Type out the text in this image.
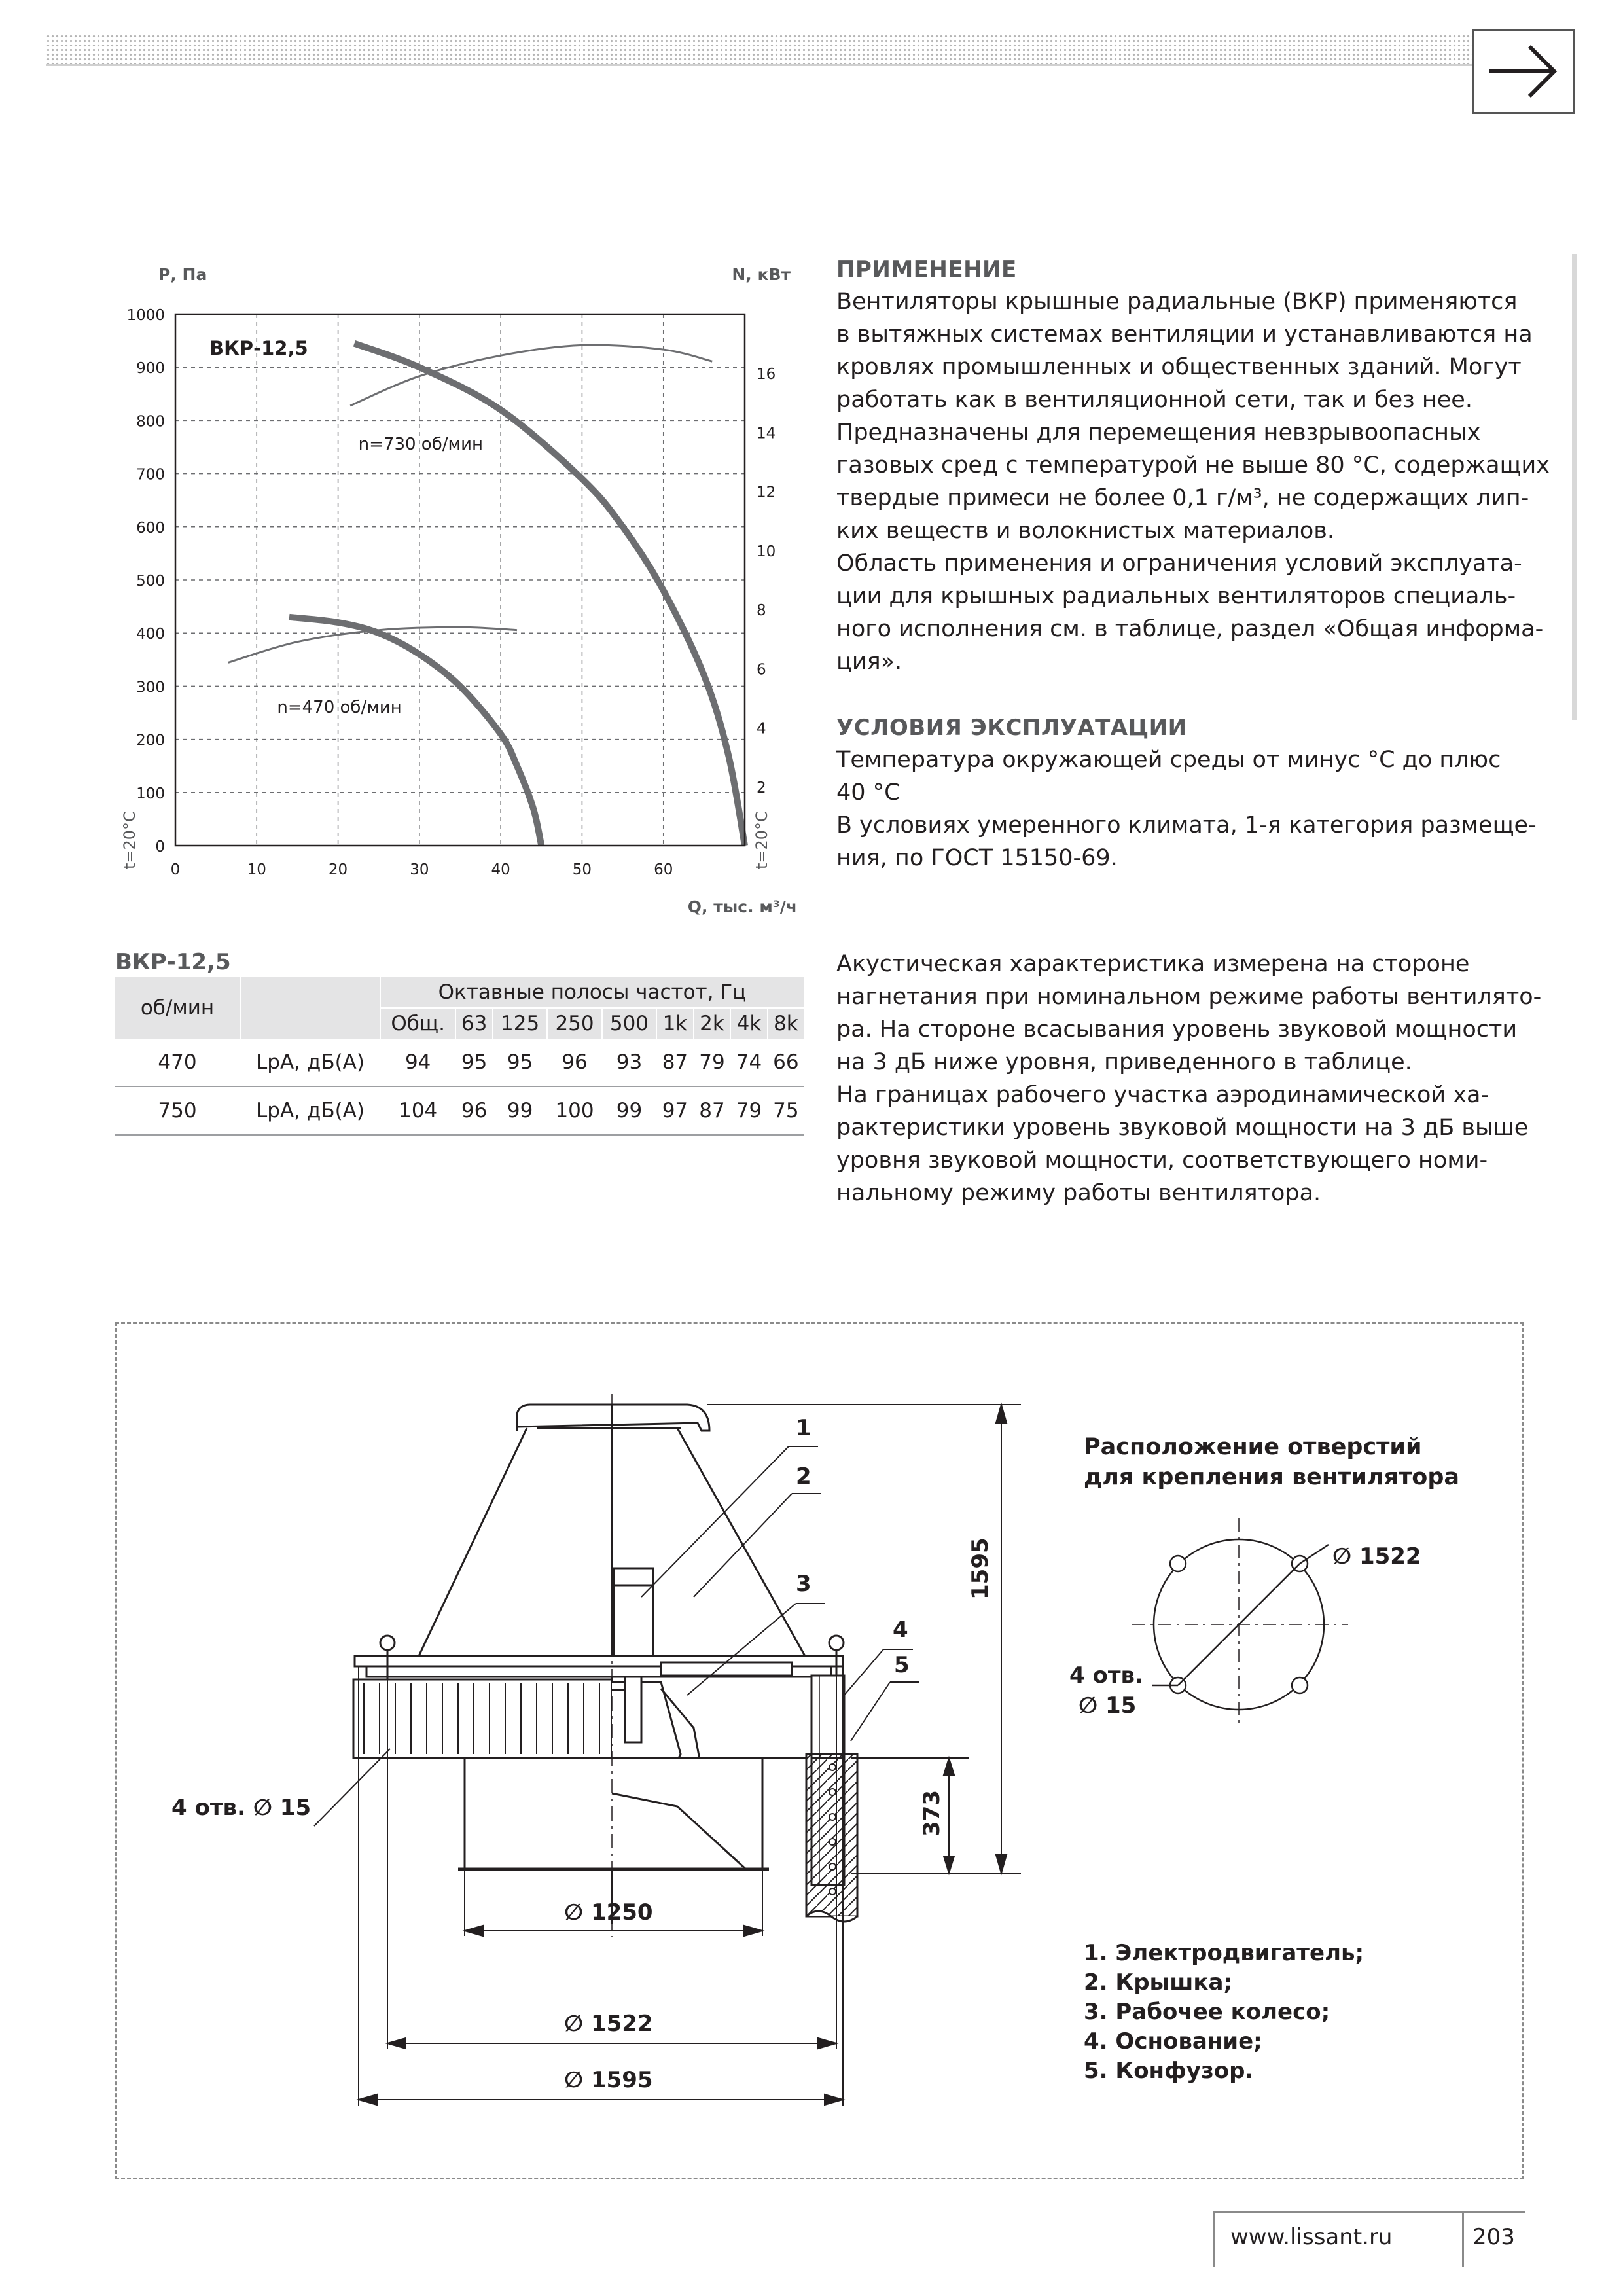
0
100
200
300
400
500
600
700
800
900
1000
0	10	20	30	40	50	60
2
4
6
8
10
12
14
16
ВКР-12,5
Р, Па	N, кВт
Q, тыс. м³/ч
t=20°C	t=20°C
n=730 об/мин
n=470 об/мин
ПРИМЕНЕНИЕ
Вентиляторы крышные радиальные (ВКР) применяются
в вытяжных системах вентиляции и устанавливаются на
кровлях промышленных и общественных зданий. Могут
работать как в вентиляционной сети, так и без нее.
Предназначены для перемещения невзрывоопасных
газовых сред с температурой не выше 80 °С, содержащих
твердые примеси не более 0,1 г/м³, не содержащих лип-
ких веществ и волокнистых материалов.
Область применения и ограничения условий эксплуата-
ции для крышных радиальных вентиляторов специаль-
ного исполнения см. в таблице, раздел «Общая информа-
ция».
УСЛОВИЯ ЭКСПЛУАТАЦИИ
Температура окружающей среды от минус °С до плюс
40 °С
В условиях умеренного климата, 1-я категория размеще-
ния, по ГОСТ 15150-69.
Акустическая характеристика измерена на стороне
нагнетания при номинальном режиме работы вентилято-
ра. На стороне всасывания уровень звуковой мощности
на 3 дБ ниже уровня, приведенного в таблице.
На границах рабочего участка аэродинамической ха-
рактеристики уровень звуковой мощности на 3 дБ выше
уровня звуковой мощности, соответствующего номи-
нальному режиму работы вентилятора.
ВКР-12,5
об/мин		Октавные полосы частот, Гц								
		Общ.	63	125	250	500	1k	2k	4k	8k
470	LpA, дБ(А)	94	95	95	96	93	87	79	74	66
750	LpA, дБ(А)	104	96	99	100	99	97	87	79	75
1
2
3
4
5
1595
373
∅ 1250
∅ 1522
∅ 1595
4 отв. ∅ 15
Расположение отверстий
для крепления вентилятора
∅ 1522
4 отв.
∅ 15
1. Электродвигатель;
2. Крышка;
3. Рабочее колесо;
4. Основание;
5. Конфузор.
www.lissant.ru	203
